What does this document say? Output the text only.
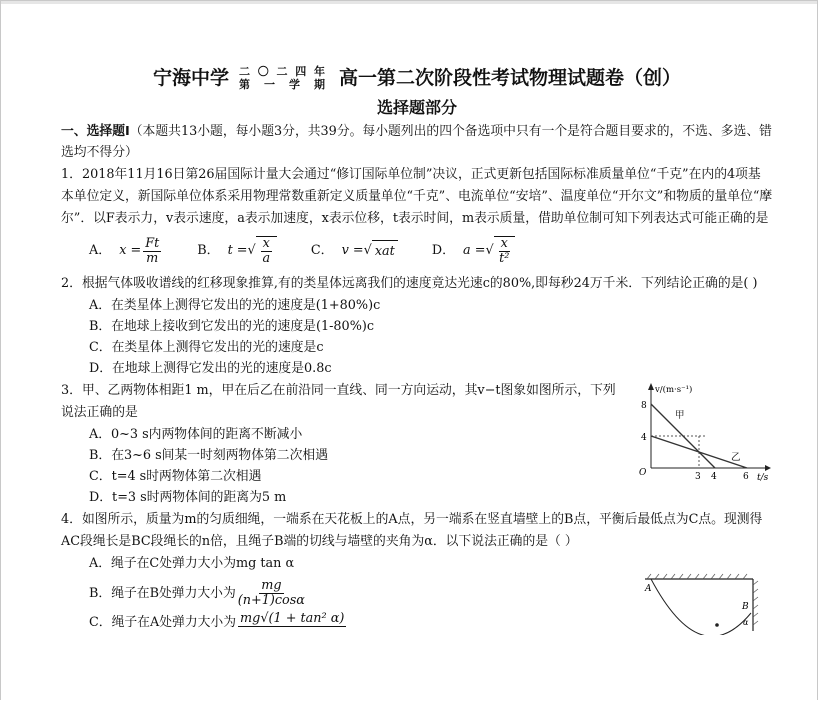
宁海中学 二 〇 二 四 年
第 一 学 期 高一第二次阶段性考试物理试题卷（创）
选择题部分

一、选择题Ⅰ（本题共13小题，每小题3分，共39分。每小题列出的四个备选项中只有一个是符合题目要求的，不选、多选、错选均不得分）

1．2018年11月16日第26届国际计量大会通过“修订国际单位制”决议，正式更新包括国际标准质量单位“千克”在内的4项基本单位定义，新国际单位体系采用物理常数重新定义质量单位“千克”、电流单位“安培”、温度单位“开尔文”和物质的量单位“摩尔”．以F表示力，v表示速度，a表示加速度，x表示位移，t表示时间，m表示质量，借助单位制可知下列表达式可能正确的是

A．
$x = \frac{Ft}{m}$	B．
t = √ $\frac{x}{a}$	C．
v = √ xat	D．
a = √ $\frac{x}{\text{t²}}$

2．根据气体吸收谱线的红移现象推算,有的类星体远离我们的速度竟达光速c的80%,即每秒24万千米．下列结论正确的是( )

A．在类星体上测得它发出的光的速度是(1+80%)c
B．在地球上接收到它发出的光的速度是(1-80%)c
C．在类星体上测得它发出的光的速度是c
D．在地球上测得它发出的光的速度是0.8c

3．甲、乙两物体相距1 m，甲在后乙在前沿同一直线、同一方向运动，其v−t图象如图所示，下列说法正确的是

A．0~3 s内两物体间的距离不断减小
B．在3~6 s间某一时刻两物体第二次相遇
C．t=4 s时两物体第二次相遇
D．t=3 s时两物体间的距离为5 m
v/(m·s⁻¹)
t/s
O
8
4
甲
乙
3 4	6

4．如图所示，质量为m的匀质细绳，一端系在天花板上的A点，另一端系在竖直墙壁上的B点，平衡后最低点为C点。现测得AC段绳长是BC段绳长的n倍，且绳子B端的切线与墙壁的夹角为α．以下说法正确的是（ ）

A．绳子在C处弹力大小为mg tan α
B．绳子在B处弹力大小为 $\frac{mg}{(n+1)\cos\alpha}$
C．绳子在A处弹力大小为 mg√(1 + tan² α)
A
B
α
